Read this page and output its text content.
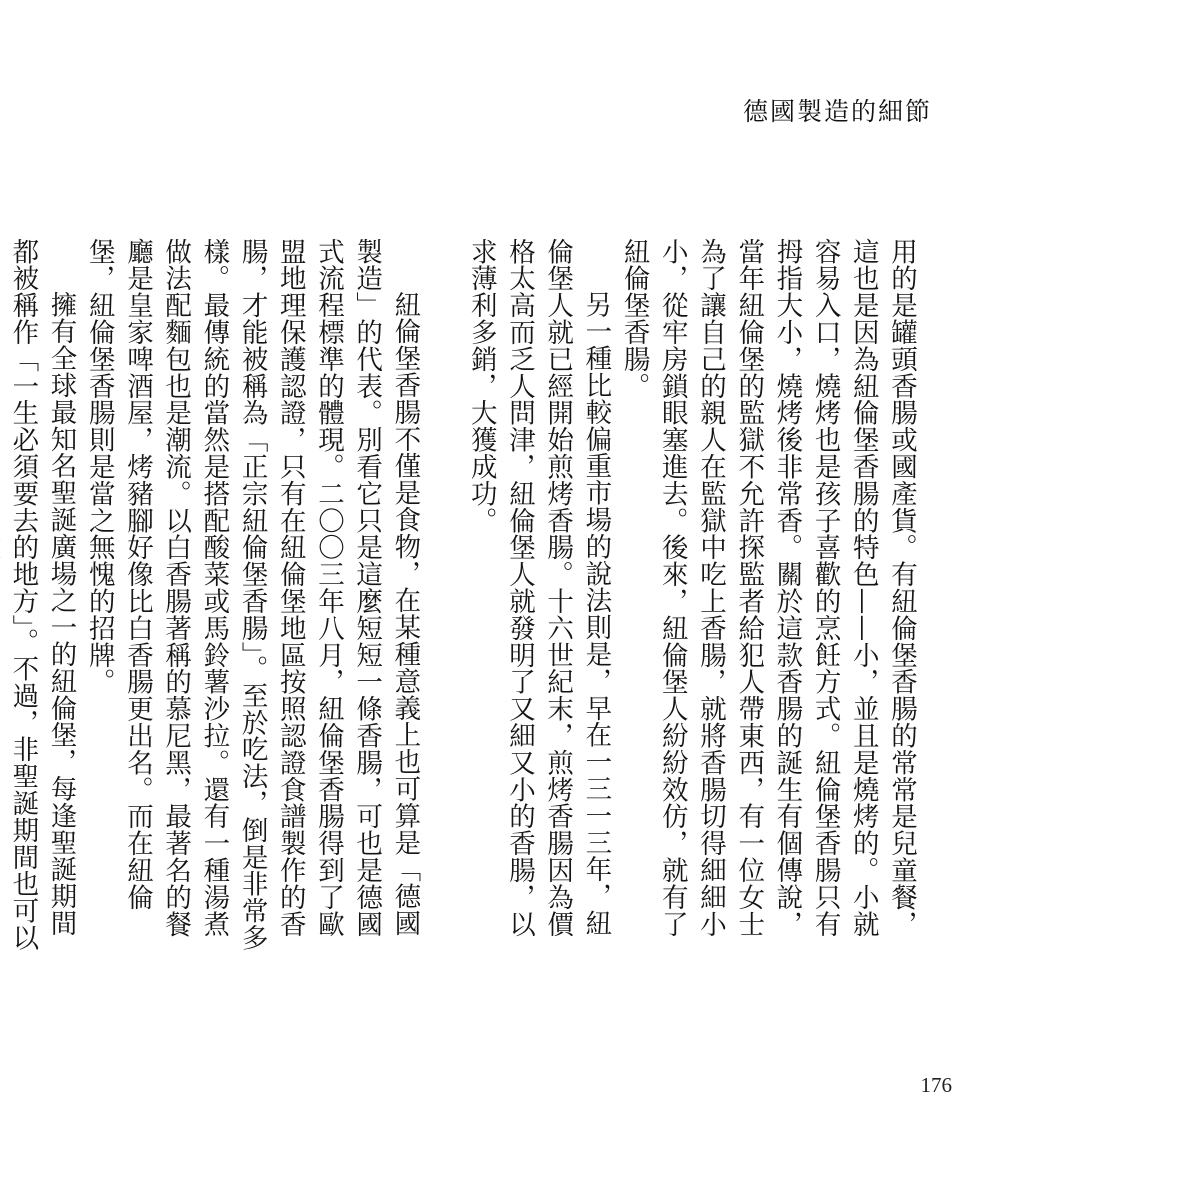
德國製造的細節

用的是罐頭香腸或國產貨。有紐倫堡香腸的常常是兒童餐，這也是因為紐倫堡香腸的特色——小，並且是燒烤的。小就容易入口，燒烤也是孩子喜歡的烹飪方式。紐倫堡香腸只有拇指大小，燒烤後非常香。關於這款香腸的誕生有個傳說，當年紐倫堡的監獄不允許探監者給犯人帶東西，有一位女士為了讓自己的親人在監獄中吃上香腸，就將香腸切得細細小小，從牢房鎖眼塞進去。後來，紐倫堡人紛紛效仿，就有了紐倫堡香腸。

另一種比較偏重市場的說法則是，早在一三一三年，紐倫堡人就已經開始煎烤香腸。十六世紀末，煎烤香腸因為價格太高而乏人問津，紐倫堡人就發明了又細又小的香腸，以求薄利多銷，大獲成功。

紐倫堡香腸不僅是食物，在某種意義上也可算是「德國製造」的代表。別看它只是這麼短短一條香腸，可也是德國式流程標準的體現。二〇〇三年八月，紐倫堡香腸得到了歐盟地理保護認證，只有在紐倫堡地區按照認證食譜製作的香腸，才能被稱為「正宗紐倫堡香腸」。至於吃法，倒是非常多樣。最傳統的當然是搭配酸菜或馬鈴薯沙拉。還有一種湯煮做法配麵包也是潮流。以白香腸著稱的慕尼黑，最著名的餐廳是皇家啤酒屋，烤豬腳好像比白香腸更出名。而在紐倫堡，紐倫堡香腸則是當之無愧的招牌。

擁有全球最知名聖誕廣場之一的紐倫堡，每逢聖誕期間都被稱作「一生必須要去的地方」。不過，非聖誕期間也可以

176
